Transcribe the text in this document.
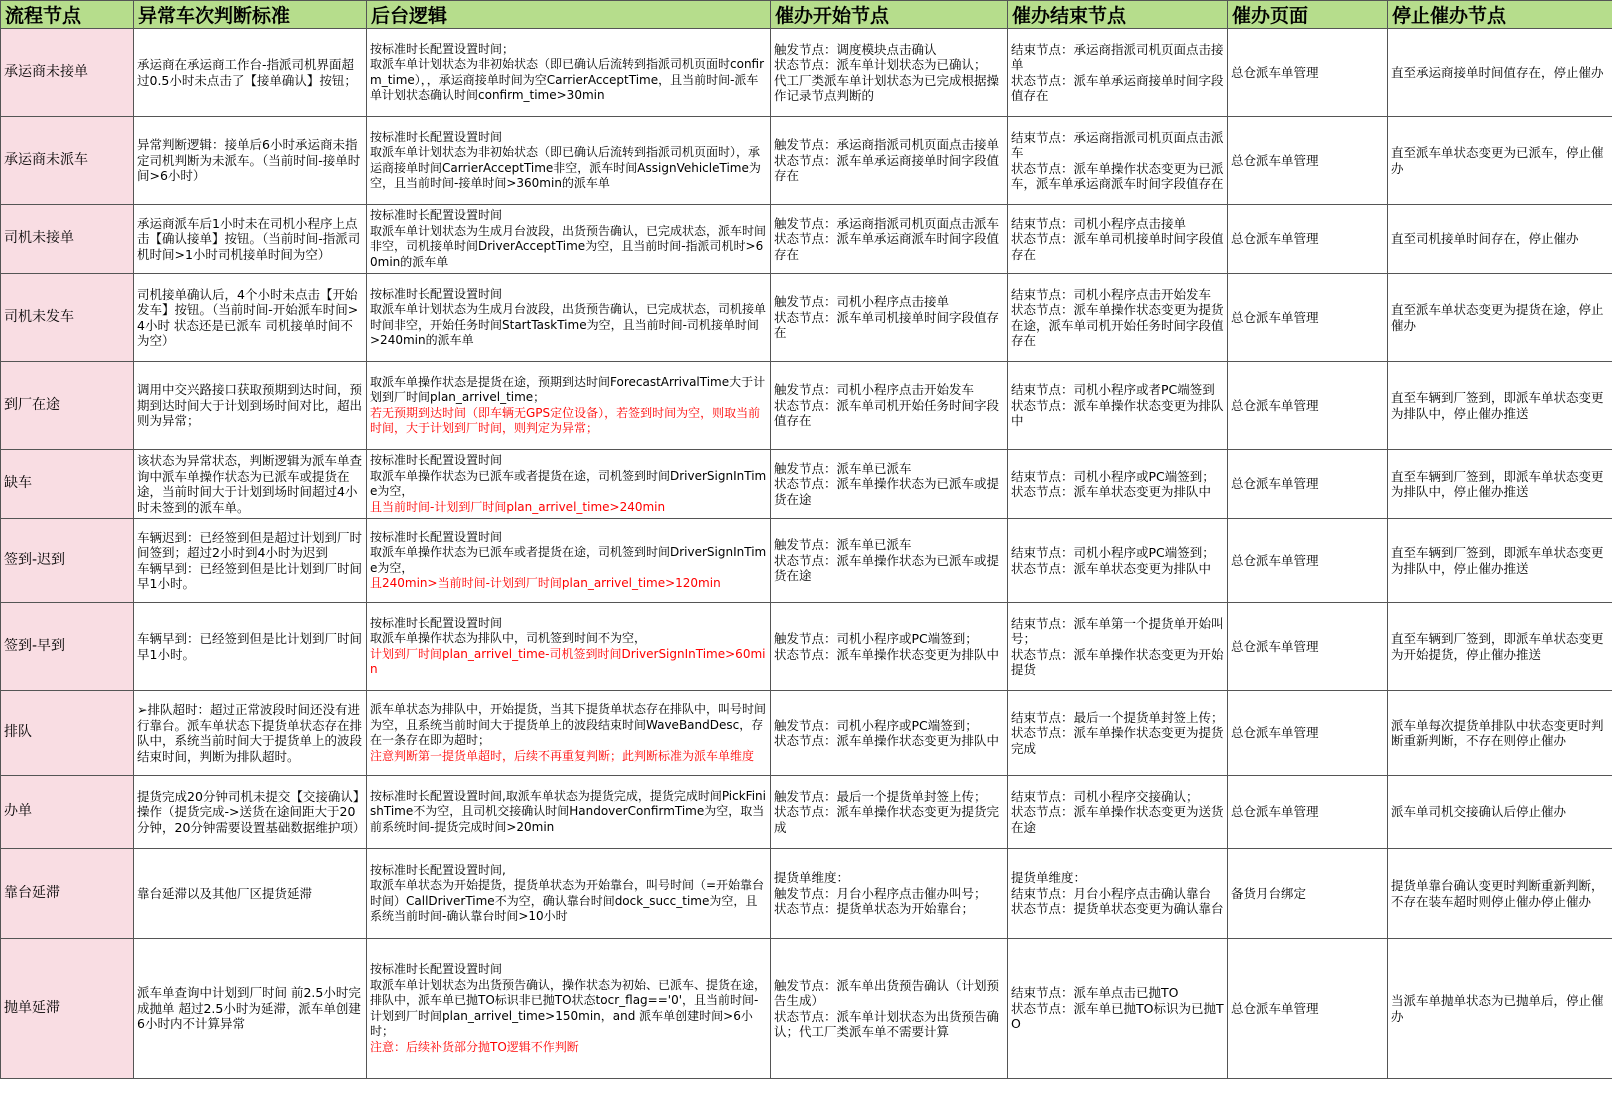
流程节点	异常车次判断标准	后台逻辑	催办开始节点	催办结束节点	催办页面	停止催办节点

承运商未接单	承运商在承运商工作台-指派司机界面超过0.5小时未点击了【接单确认】按钮；	按标准时长配置设置时间；
取派车单计划状态为非初始状态（即已确认后流转到指派司机页面时confirm_time），，承运商接单时间为空CarrierAcceptTime，且当前时间-派车单计划状态确认时间confirm_time>30min	触发节点：调度模块点击确认
状态节点：派车单计划状态为已确认；
代工厂类派车单计划状态为已完成根据操作记录节点判断的	结束节点：承运商指派司机页面点击接单
状态节点：派车单承运商接单时间字段值存在	总仓派车单管理	直至承运商接单时间值存在，停止催办

承运商未派车	异常判断逻辑：接单后6小时承运商未指定司机判断为未派车。（当前时间-接单时间>6小时）	按标准时长配置设置时间
取派车单计划状态为非初始状态（即已确认后流转到指派司机页面时），承运商接单时间CarrierAcceptTime非空，派车时间AssignVehicleTime为空，且当前时间-接单时间>360min的派车单	触发节点：承运商指派司机页面点击接单
状态节点：派车单承运商接单时间字段值存在	结束节点：承运商指派司机页面点击派车
状态节点：派车单操作状态变更为已派车，派车单承运商派车时间字段值存在	总仓派车单管理	直至派车单状态变更为已派车，停止催办

司机未接单	承运商派车后1小时未在司机小程序上点击【确认接单】按钮。（当前时间-指派司机时间>1小时司机接单时间为空）	按标准时长配置设置时间
取派车单计划状态为生成月台波段，出货预告确认，已完成状态，派车时间非空，司机接单时间DriverAcceptTime为空，且当前时间-指派司机时>60min的派车单	触发节点：承运商指派司机页面点击派车
状态节点：派车单承运商派车时间字段值存在	结束节点：司机小程序点击接单
状态节点：派车单司机接单时间字段值存在	总仓派车单管理	直至司机接单时间存在，停止催办

司机未发车	司机接单确认后，4个小时未点击【开始发车】按钮。（当前时间-开始派车时间>4小时 状态还是已派车 司机接单时间不为空）	按标准时长配置设置时间
取派车单计划状态为生成月台波段，出货预告确认，已完成状态，司机接单时间非空，开始任务时间StartTaskTime为空，且当前时间-司机接单时间>240min的派车单	触发节点：司机小程序点击接单
状态节点：派车单司机接单时间字段值存在	结束节点：司机小程序点击开始发车
状态节点：派车单操作状态变更为提货在途，派车单司机开始任务时间字段值存在	总仓派车单管理	直至派车单状态变更为提货在途，停止催办

到厂在途	调用中交兴路接口获取预期到达时间，预期到达时间大于计划到场时间对比，超出则为异常；	取派车单操作状态是提货在途，预期到达时间ForecastArrivalTime大于计划到厂时间plan_arrivel_time；
若无预期到达时间（即车辆无GPS定位设备），若签到时间为空，则取当前时间，大于计划到厂时间，则判定为异常；	触发节点：司机小程序点击开始发车
状态节点：派车单司机开始任务时间字段值存在	结束节点：司机小程序或者PC端签到
状态节点：派车单操作状态变更为排队中	总仓派车单管理	直至车辆到厂签到，即派车单状态变更为排队中，停止催办推送

缺车	该状态为异常状态，判断逻辑为派车单查询中派车单操作状态为已派车或提货在途，当前时间大于计划到场时间超过4小时未签到的派车单。	按标准时长配置设置时间
取派车单操作状态为已派车或者提货在途，司机签到时间DriverSignInTime为空，
且当前时间-计划到厂时间plan_arrivel_time>240min	触发节点：派车单已派车
状态节点：派车单操作状态为已派车或提货在途	结束节点：司机小程序或PC端签到；
状态节点：派车单状态变更为排队中	总仓派车单管理	直至车辆到厂签到，即派车单状态变更为排队中，停止催办推送

签到-迟到	车辆迟到：已经签到但是超过计划到厂时间签到；超过2小时到4小时为迟到
车辆早到：已经签到但是比计划到厂时间早1小时。	按标准时长配置设置时间
取派车单操作状态为已派车或者提货在途，司机签到时间DriverSignInTime为空，
且240min>当前时间-计划到厂时间plan_arrivel_time>120min	触发节点：派车单已派车
状态节点：派车单操作状态为已派车或提货在途	结束节点：司机小程序或PC端签到；
状态节点：派车单状态变更为排队中	总仓派车单管理	直至车辆到厂签到，即派车单状态变更为排队中，停止催办推送

签到-早到	车辆早到：已经签到但是比计划到厂时间早1小时。	按标准时长配置设置时间
取派车单操作状态为排队中，司机签到时间不为空，
计划到厂时间plan_arrivel_time-司机签到时间DriverSignInTime>60min	触发节点：司机小程序或PC端签到；
状态节点：派车单操作状态变更为排队中	结束节点：派车单第一个提货单开始叫号；
状态节点：派车单操作状态变更为开始提货	总仓派车单管理	直至车辆到厂签到，即派车单状态变更为开始提货，停止催办推送

排队	➢排队超时：超过正常波段时间还没有进行靠台。派车单状态下提货单状态存在排队中，系统当前时间大于提货单上的波段结束时间，判断为排队超时。	派车单状态为排队中，开始提货，当其下提货单状态存在排队中，叫号时间为空，且系统当前时间大于提货单上的波段结束时间WaveBandDesc，存在一条存在即为超时；
注意判断第一提货单超时，后续不再重复判断；此判断标准为派车单维度	触发节点：司机小程序或PC端签到；
状态节点：派车单操作状态变更为排队中	结束节点：最后一个提货单封签上传；
状态节点：派车单操作状态变更为提货完成	总仓派车单管理	派车单每次提货单排队中状态变更时判断重新判断，不存在则停止催办

办单	提货完成20分钟司机未提交【交接确认】操作（提货完成->送货在途间距大于20分钟，20分钟需要设置基础数据维护项）	按标准时长配置设置时间,取派车单状态为提货完成，提货完成时间PickFinishTime不为空，且司机交接确认时间HandoverConfirmTime为空，取当前系统时间-提货完成时间>20min	触发节点：最后一个提货单封签上传；
状态节点：派车单操作状态变更为提货完成	结束节点：司机小程序交接确认；
状态节点：派车单操作状态变更为送货在途	总仓派车单管理	派车单司机交接确认后停止催办

靠台延滞	靠台延滞以及其他厂区提货延滞	按标准时长配置设置时间,
取派车单状态为开始提货，提货单状态为开始靠台，叫号时间（=开始靠台时间）CallDriverTime不为空，确认靠台时间dock_succ_time为空，且系统当前时间-确认靠台时间>10小时	提货单维度：
触发节点：月台小程序点击催办叫号；
状态节点：提货单状态为开始靠台；	提货单维度：
结束节点：月台小程序点击确认靠台
状态节点：提货单状态变更为确认靠台	备货月台绑定	提货单靠台确认变更时判断重新判断，不存在装车超时则停止催办停止催办

抛单延滞	派车单查询中计划到厂时间 前2.5小时完成抛单 超过2.5小时为延滞，派车单创建6小时内不计算异常	按标准时长配置设置时间
取派车单计划状态为出货预告确认，操作状态为初始、已派车、提货在途，排队中，派车单已抛TO标识非已抛TO状态tocr_flag=='0'，且当前时间-计划到厂时间plan_arrivel_time>150min，and 派车单创建时间>6小时；
注意：后续补货部分抛TO逻辑不作判断	触发节点：派车单出货预告确认（计划预告生成）
状态节点：派车单计划状态为出货预告确认；代工厂类派车单不需要计算	结束节点：派车单点击已抛TO
状态节点：派车单已抛TO标识为已抛TO	总仓派车单管理	当派车单抛单状态为已抛单后，停止催办
